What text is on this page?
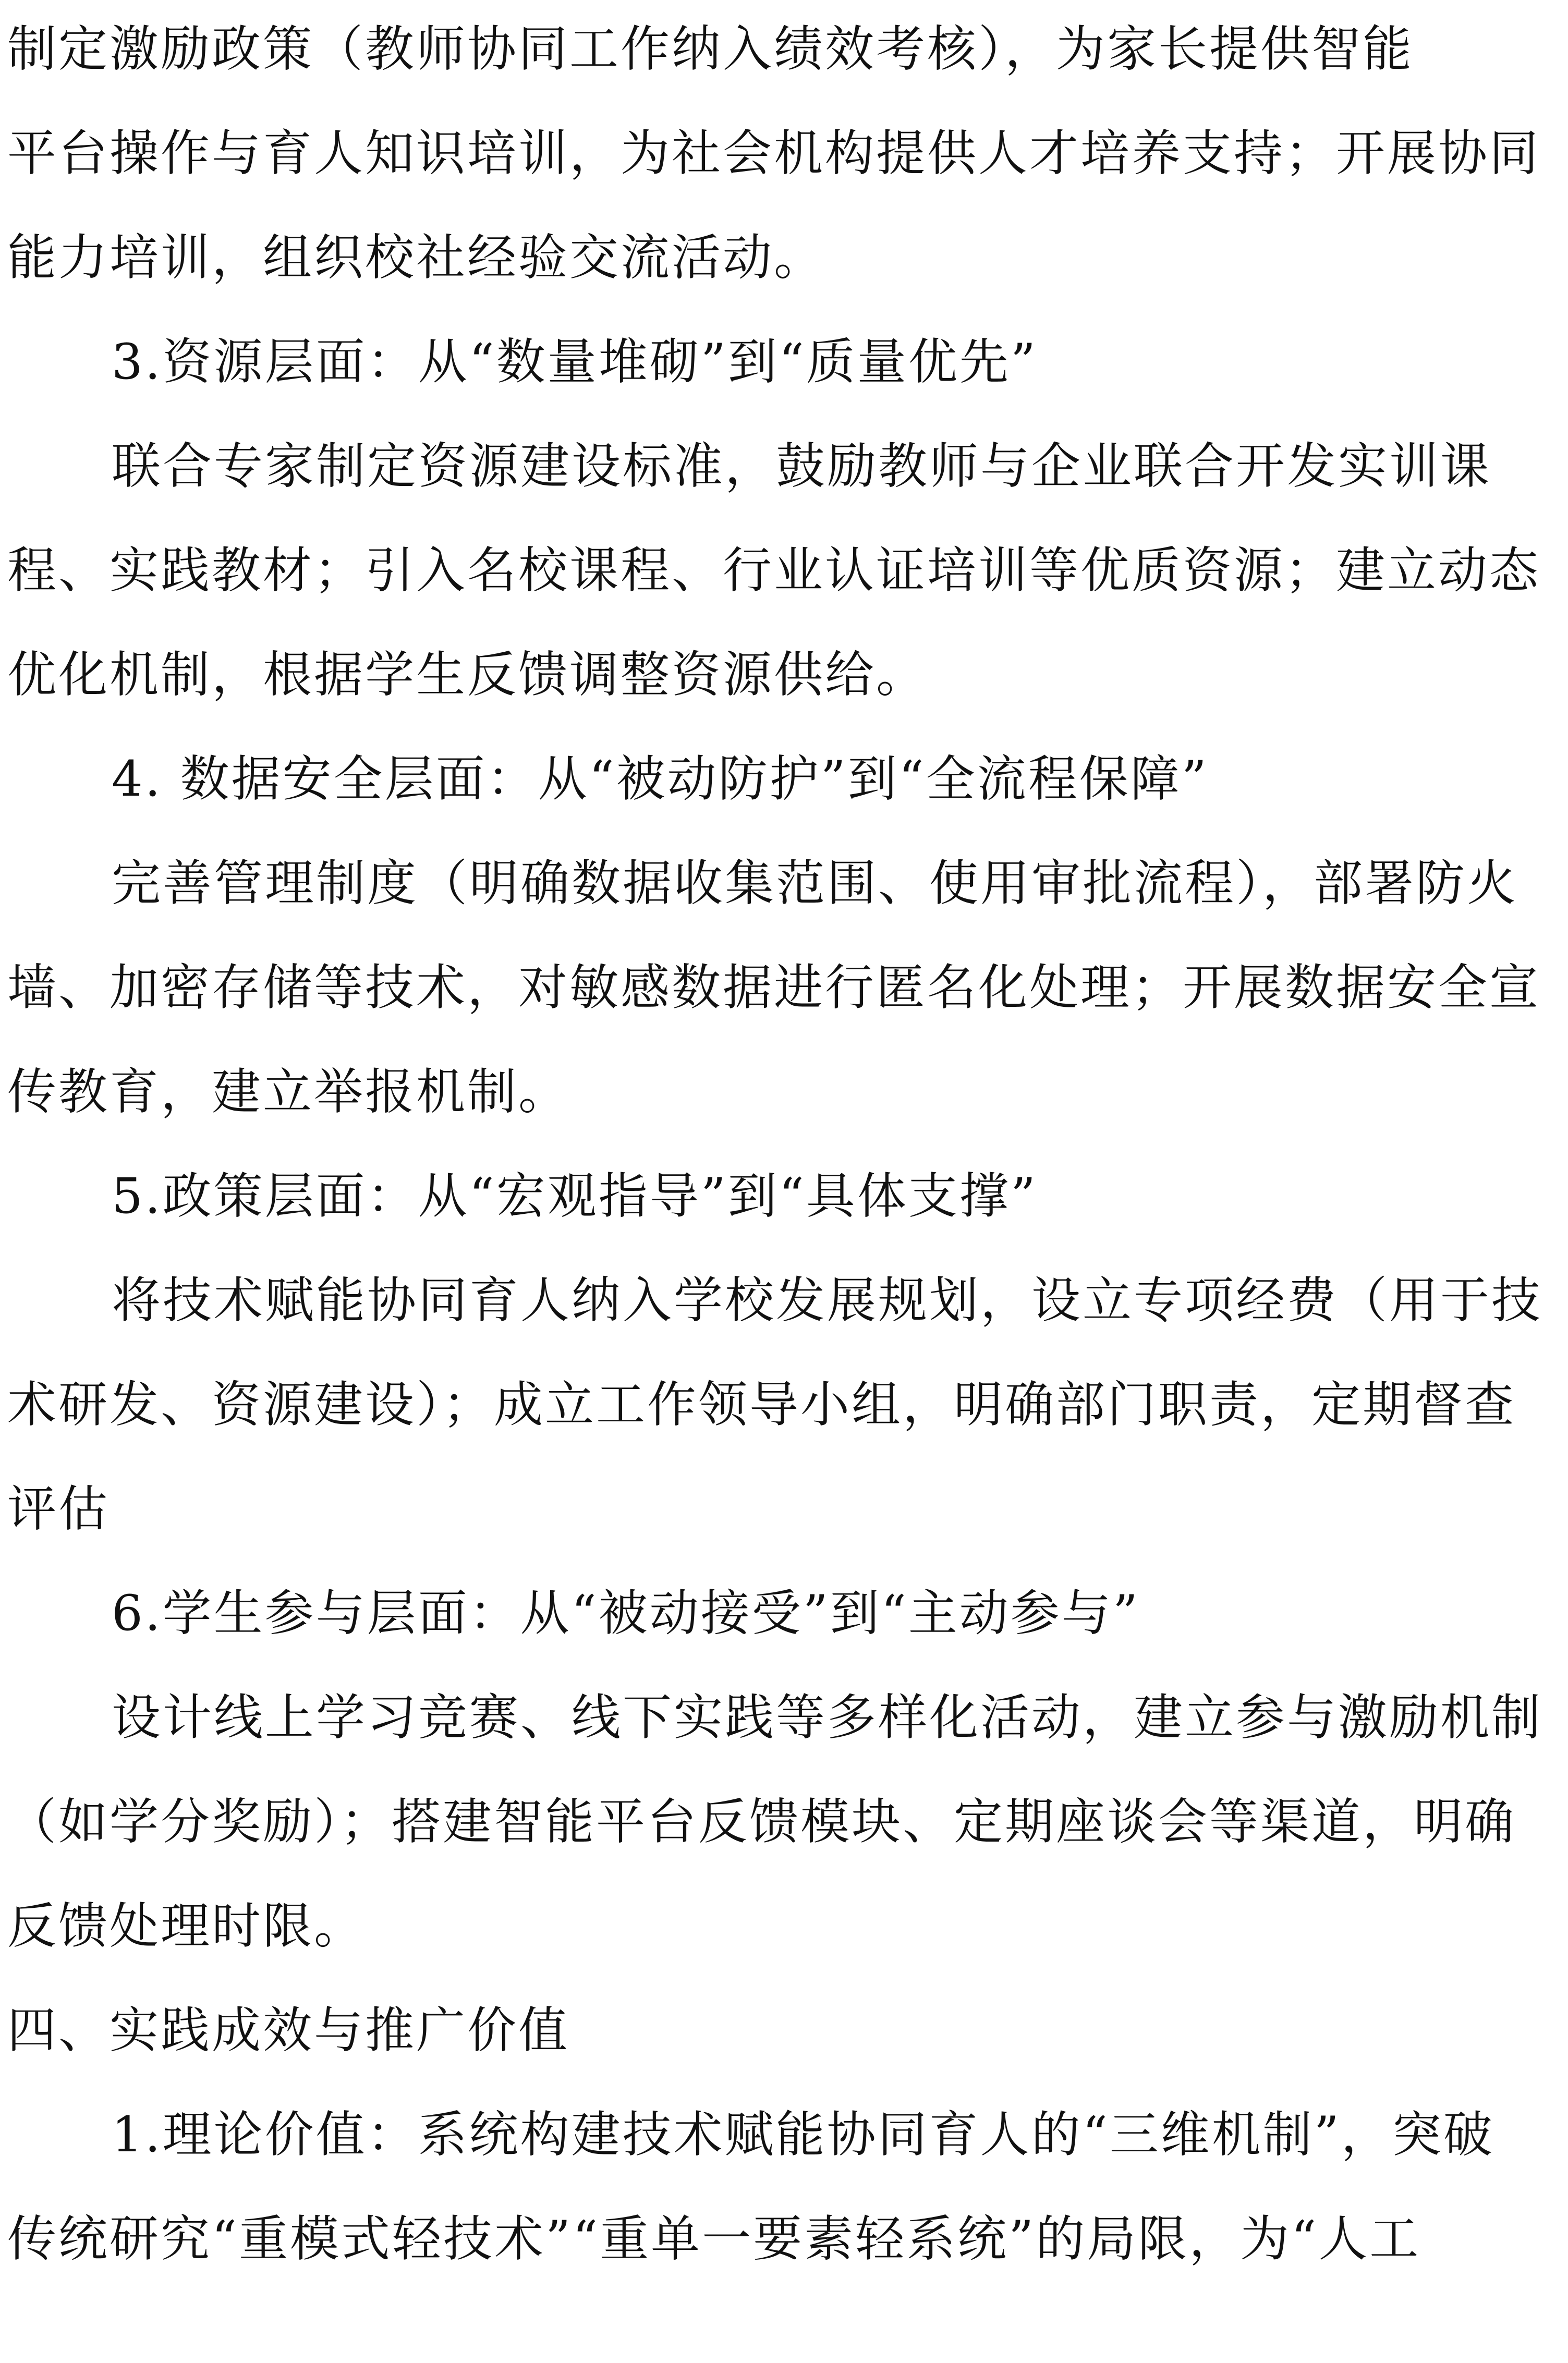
制定激励政策（教师协同工作纳入绩效考核），为家长提供智能
平台操作与育人知识培训，为社会机构提供人才培养支持；开展协同
能力培训，组织校社经验交流活动。
3.资源层面：从“数量堆砌”到“质量优先”
联合专家制定资源建设标准，鼓励教师与企业联合开发实训课
程、实践教材；引入名校课程、行业认证培训等优质资源；建立动态
优化机制，根据学生反馈调整资源供给。
4. 数据安全层面：从“被动防护”到“全流程保障”
完善管理制度（明确数据收集范围、使用审批流程），部署防火
墙、加密存储等技术，对敏感数据进行匿名化处理；开展数据安全宣
传教育，建立举报机制。
5.政策层面：从“宏观指导”到“具体支撑”
将技术赋能协同育人纳入学校发展规划，设立专项经费（用于技
术研发、资源建设）；成立工作领导小组，明确部门职责，定期督查
评估
6.学生参与层面：从“被动接受”到“主动参与”
设计线上学习竞赛、线下实践等多样化活动，建立参与激励机制
（如学分奖励）；搭建智能平台反馈模块、定期座谈会等渠道，明确
反馈处理时限。
四、实践成效与推广价值
1.理论价值：系统构建技术赋能协同育人的“三维机制”，突破
传统研究“重模式轻技术”“重单一要素轻系统”的局限，为“人工
